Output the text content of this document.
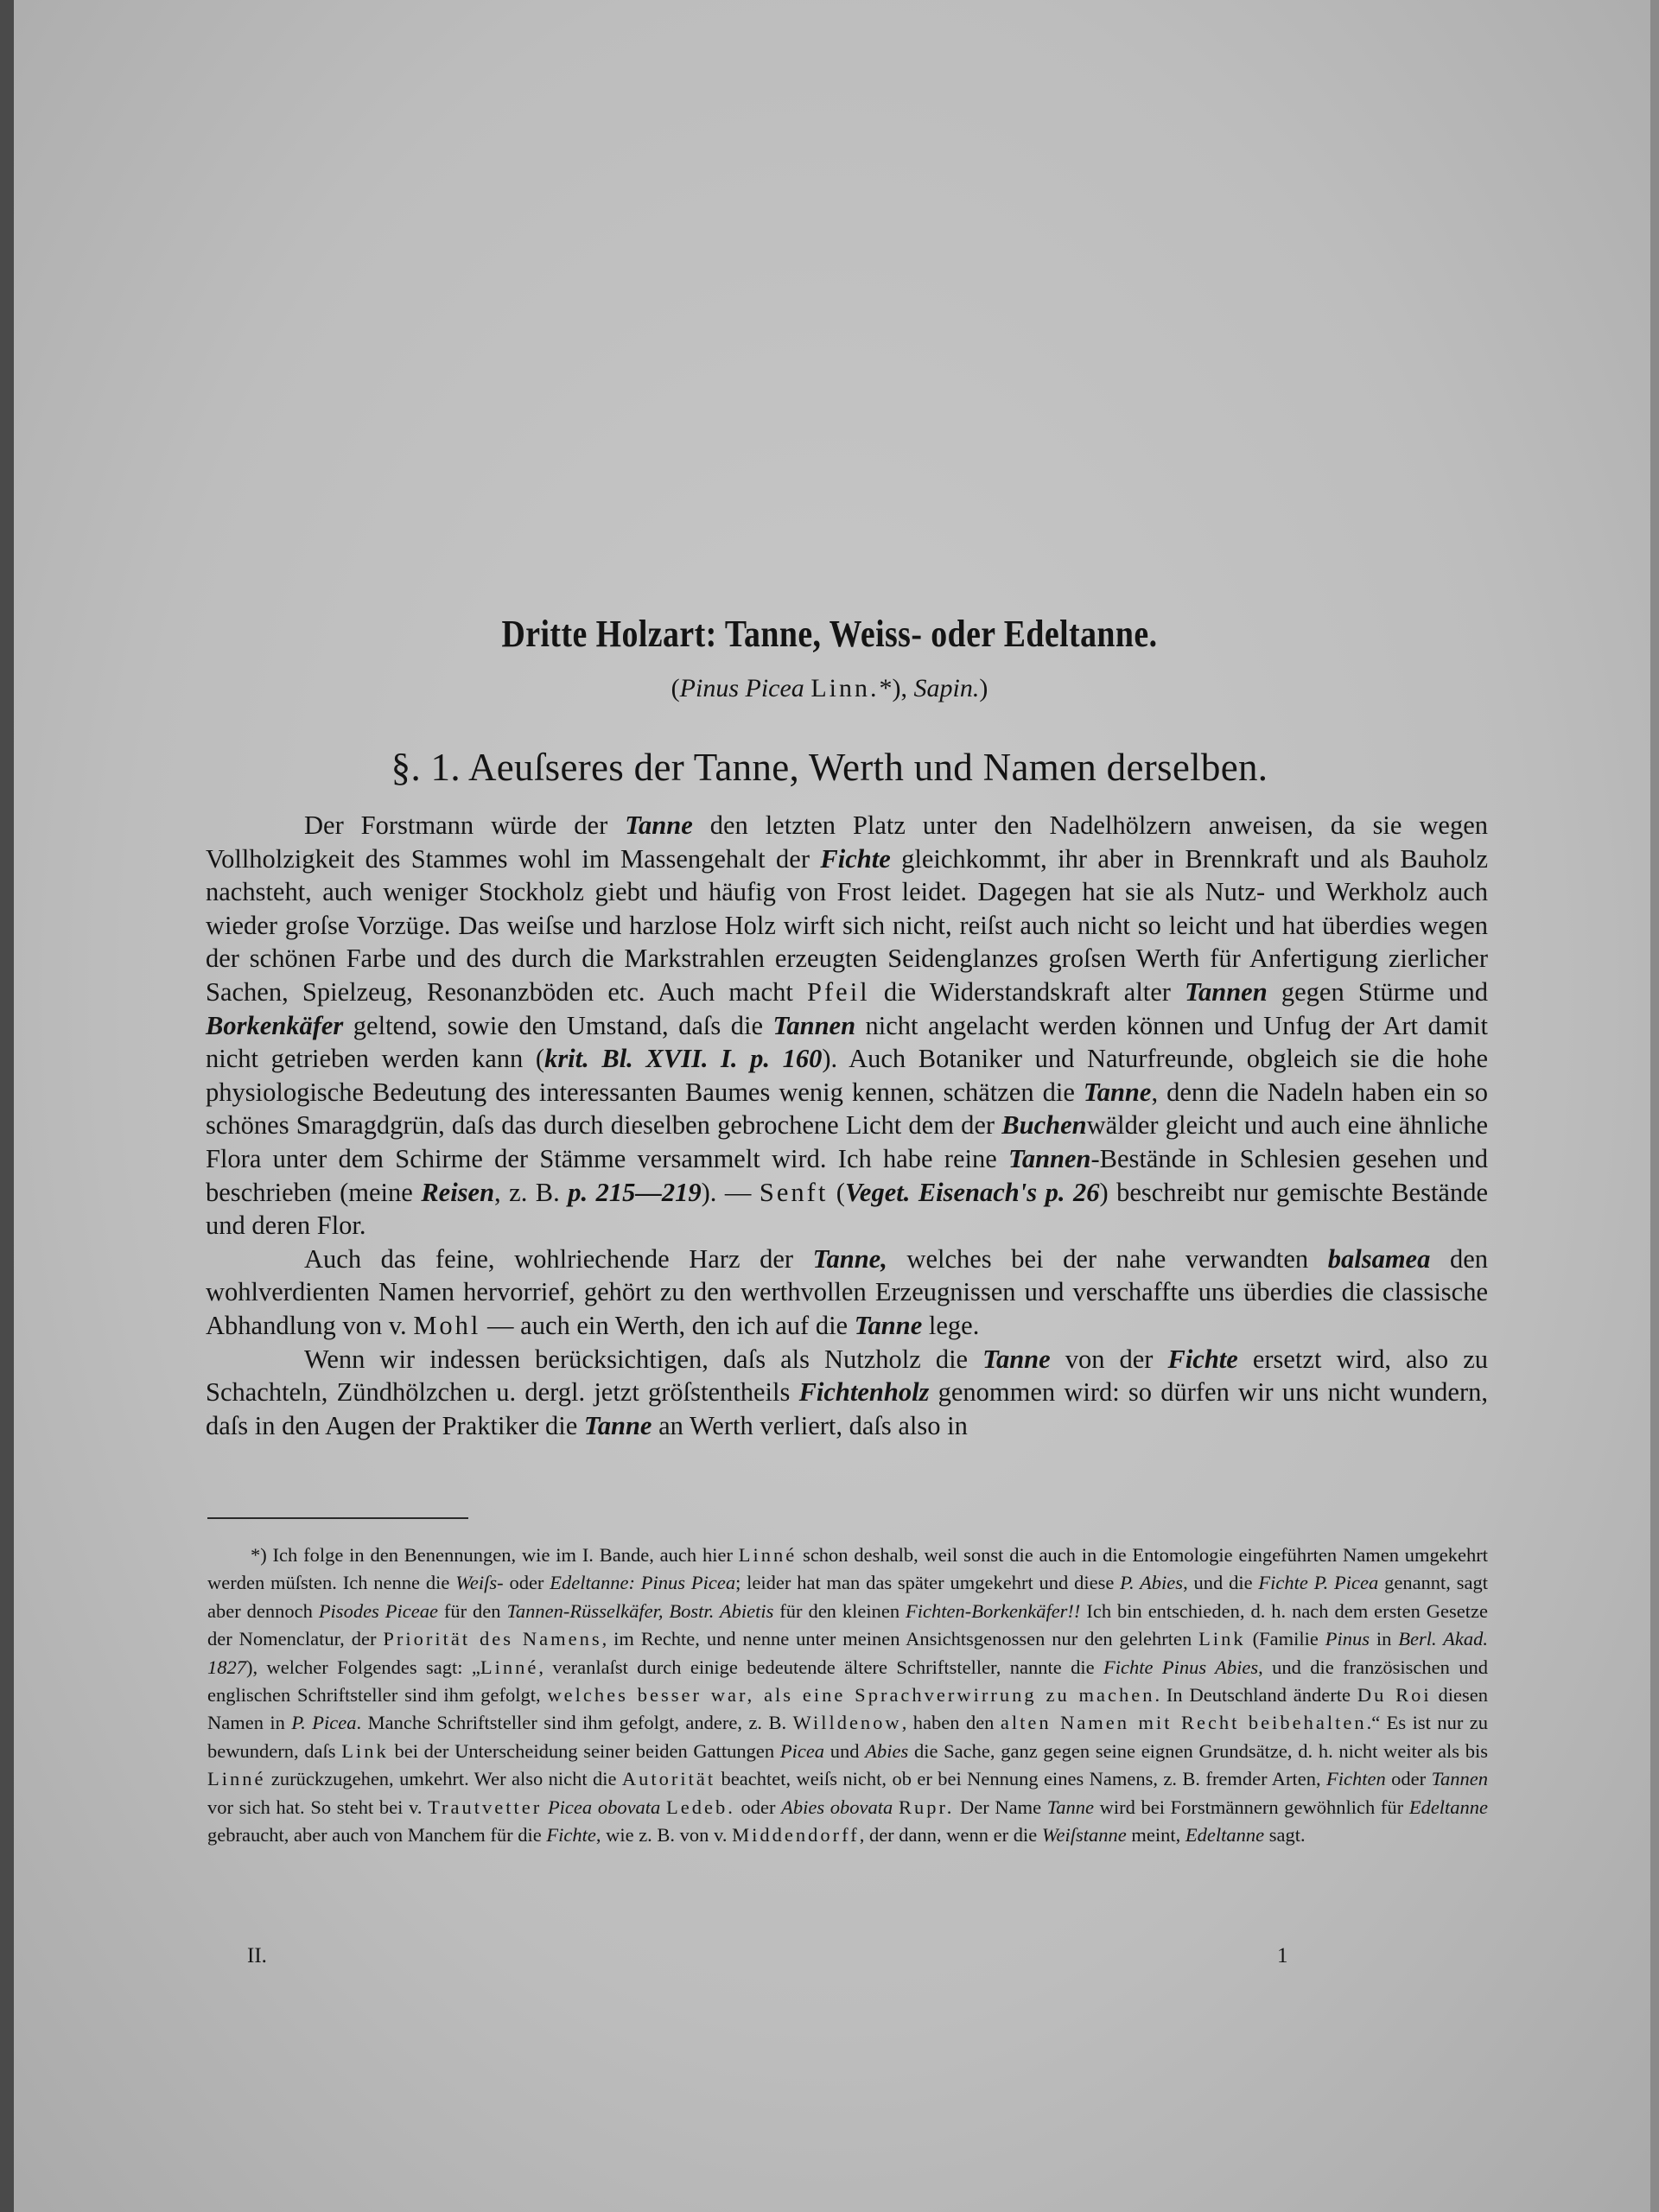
Dritte Holzart: Tanne, Weiss- oder Edeltanne.
(Pinus Picea Linn.*), Sapin.)
§. 1. Aeuſseres der Tanne, Werth und Namen derselben.

Der Forstmann würde der Tanne den letzten Platz unter den Nadelhölzern anweisen, da sie wegen Vollholzigkeit des Stammes wohl im Massengehalt der Fichte gleichkommt, ihr aber in Brennkraft und als Bauholz nachsteht, auch weniger Stockholz giebt und häufig von Frost leidet. Dagegen hat sie als Nutz- und Werkholz auch wieder groſse Vorzüge. Das weiſse und harzlose Holz wirft sich nicht, reiſst auch nicht so leicht und hat überdies wegen der schönen Farbe und des durch die Markstrahlen erzeugten Seidenglanzes groſsen Werth für Anfertigung zierlicher Sachen, Spielzeug, Resonanzböden etc. Auch macht Pfeil die Widerstandskraft alter Tannen gegen Stürme und Borkenkäfer geltend, sowie den Umstand, daſs die Tannen nicht angelacht werden können und Unfug der Art damit nicht getrieben werden kann (krit. Bl. XVII. I. p. 160). Auch Botaniker und Naturfreunde, obgleich sie die hohe physiologische Bedeutung des interessanten Baumes wenig kennen, schätzen die Tanne, denn die Nadeln haben ein so schönes Smaragdgrün, daſs das durch dieselben gebrochene Licht dem der Buchenwälder gleicht und auch eine ähnliche Flora unter dem Schirme der Stämme versammelt wird. Ich habe reine Tannen-Bestände in Schlesien gesehen und beschrieben (meine Reisen, z. B. p. 215—219). — Senft (Veget. Eisenach's p. 26) beschreibt nur gemischte Bestände und deren Flor.

Auch das feine, wohlriechende Harz der Tanne, welches bei der nahe verwandten balsamea den wohlverdienten Namen hervorrief, gehört zu den werthvollen Erzeugnissen und verschaffte uns überdies die classische Abhandlung von v. Mohl — auch ein Werth, den ich auf die Tanne lege.

Wenn wir indessen berücksichtigen, daſs als Nutzholz die Tanne von der Fichte ersetzt wird, also zu Schachteln, Zündhölzchen u. dergl. jetzt gröſstentheils Fichtenholz genommen wird: so dürfen wir uns nicht wundern, daſs in den Augen der Praktiker die Tanne an Werth verliert, daſs also in

*) Ich folge in den Benennungen, wie im I. Bande, auch hier Linné schon deshalb, weil sonst die auch in die Entomologie eingeführten Namen umgekehrt werden müſsten. Ich nenne die Weiſs- oder Edeltanne: Pinus Picea; leider hat man das später umgekehrt und diese P. Abies, und die Fichte P. Picea genannt, sagt aber dennoch Pisodes Piceae für den Tannen-Rüsselkäfer, Bostr. Abietis für den kleinen Fichten-Borkenkäfer!! Ich bin entschieden, d. h. nach dem ersten Gesetze der Nomenclatur, der Priorität des Namens, im Rechte, und nenne unter meinen Ansichtsgenossen nur den gelehrten Link (Familie Pinus in Berl. Akad. 1827), welcher Folgendes sagt: „Linné, veranlaſst durch einige bedeutende ältere Schriftsteller, nannte die Fichte Pinus Abies, und die französischen und englischen Schriftsteller sind ihm gefolgt, welches besser war, als eine Sprachverwirrung zu machen. In Deutschland änderte Du Roi diesen Namen in P. Picea. Manche Schriftsteller sind ihm gefolgt, andere, z. B. Willdenow, haben den alten Namen mit Recht beibehalten.“ Es ist nur zu bewundern, daſs Link bei der Unterscheidung seiner beiden Gattungen Picea und Abies die Sache, ganz gegen seine eignen Grundsätze, d. h. nicht weiter als bis Linné zurückzugehen, umkehrt. Wer also nicht die Autorität beachtet, weiſs nicht, ob er bei Nennung eines Namens, z. B. fremder Arten, Fichten oder Tannen vor sich hat. So steht bei v. Trautvetter Picea obovata Ledeb. oder Abies obovata Rupr. Der Name Tanne wird bei Forstmännern gewöhnlich für Edeltanne gebraucht, aber auch von Manchem für die Fichte, wie z. B. von v. Middendorff, der dann, wenn er die Weiſstanne meint, Edeltanne sagt.

II.	1
